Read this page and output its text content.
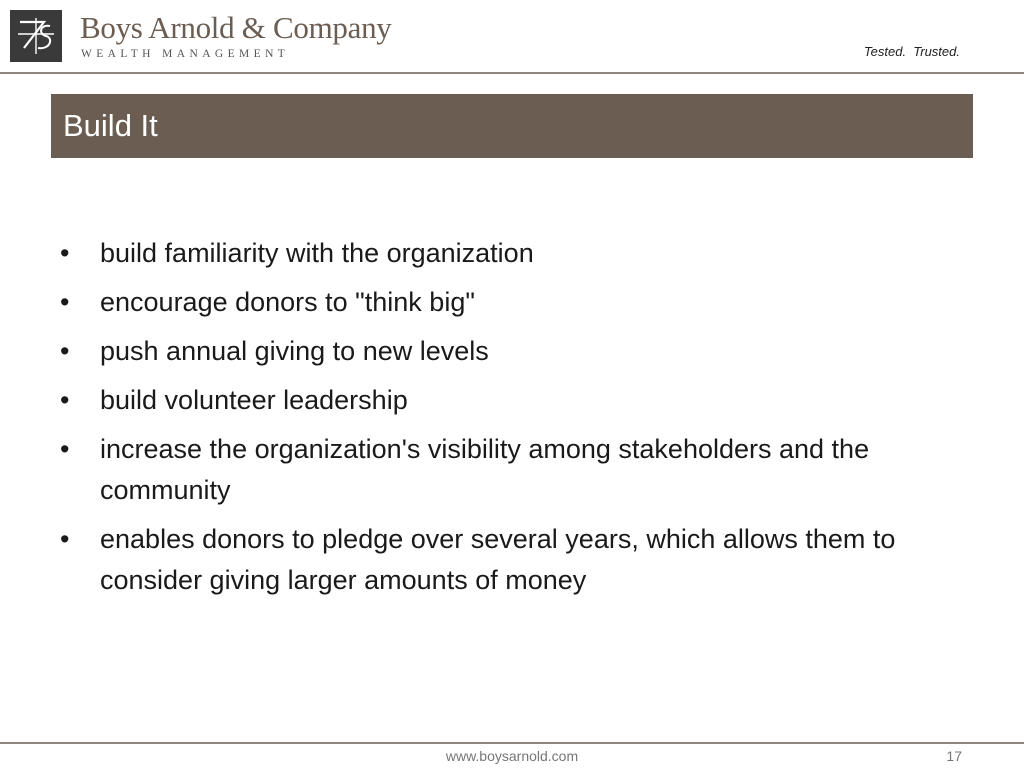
Boys Arnold & Company
WEALTH MANAGEMENT	Tested.  Trusted.
Build It
• build familiarity with the organization
• encourage donors to "think big"
• push annual giving to new levels
• build volunteer leadership
• increase the organization's visibility among stakeholders and the community
• enables donors to pledge over several years, which allows them to consider giving larger amounts of money
www.boysarnold.com	17
